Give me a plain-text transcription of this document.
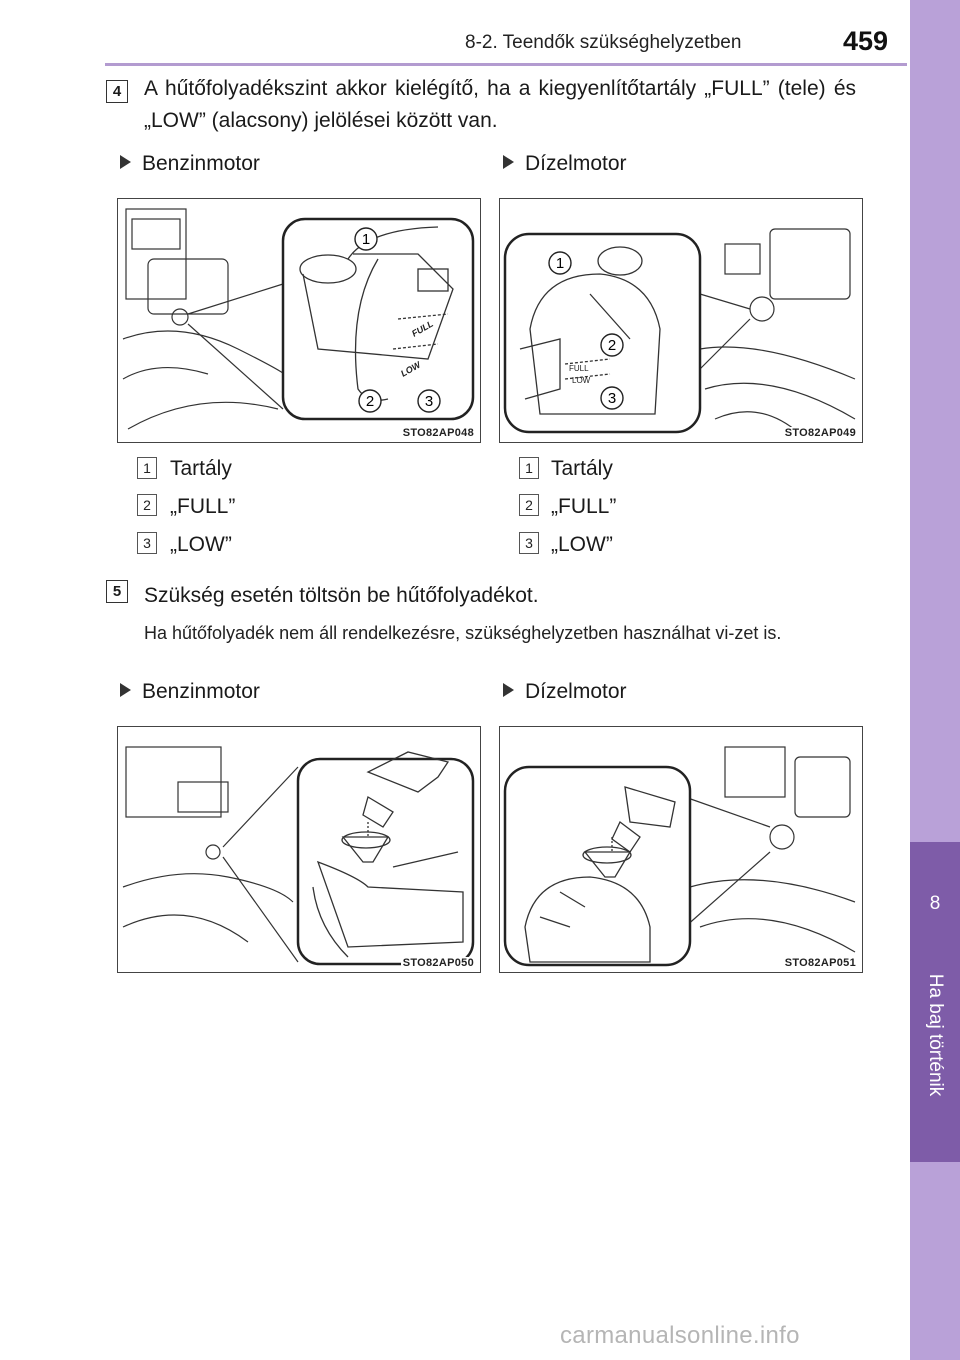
8-2. Teendők szükséghelyzetben	459
8
Ha baj történik
4	A hűtőfolyadékszint akkor kielégítő, ha a kiegyenlítőtartály „FULL” (tele) és „LOW” (alacsony) jelölései között van.
Benzinmotor	Dízelmotor
FULL
LOW
1
2	3
STO82AP048
FULL
LOW
1
2
3
STO82AP049
1 Tartály
2 „FULL”
3 „LOW”
1 Tartály
2 „FULL”
3 „LOW”
5	Szükség esetén töltsön be hűtőfolyadékot.
Ha hűtőfolyadék nem áll rendelkezésre, szükséghelyzetben használhat vi-zet is.
Benzinmotor	Dízelmotor
STO82AP050	STO82AP051
carmanualsonline.info
